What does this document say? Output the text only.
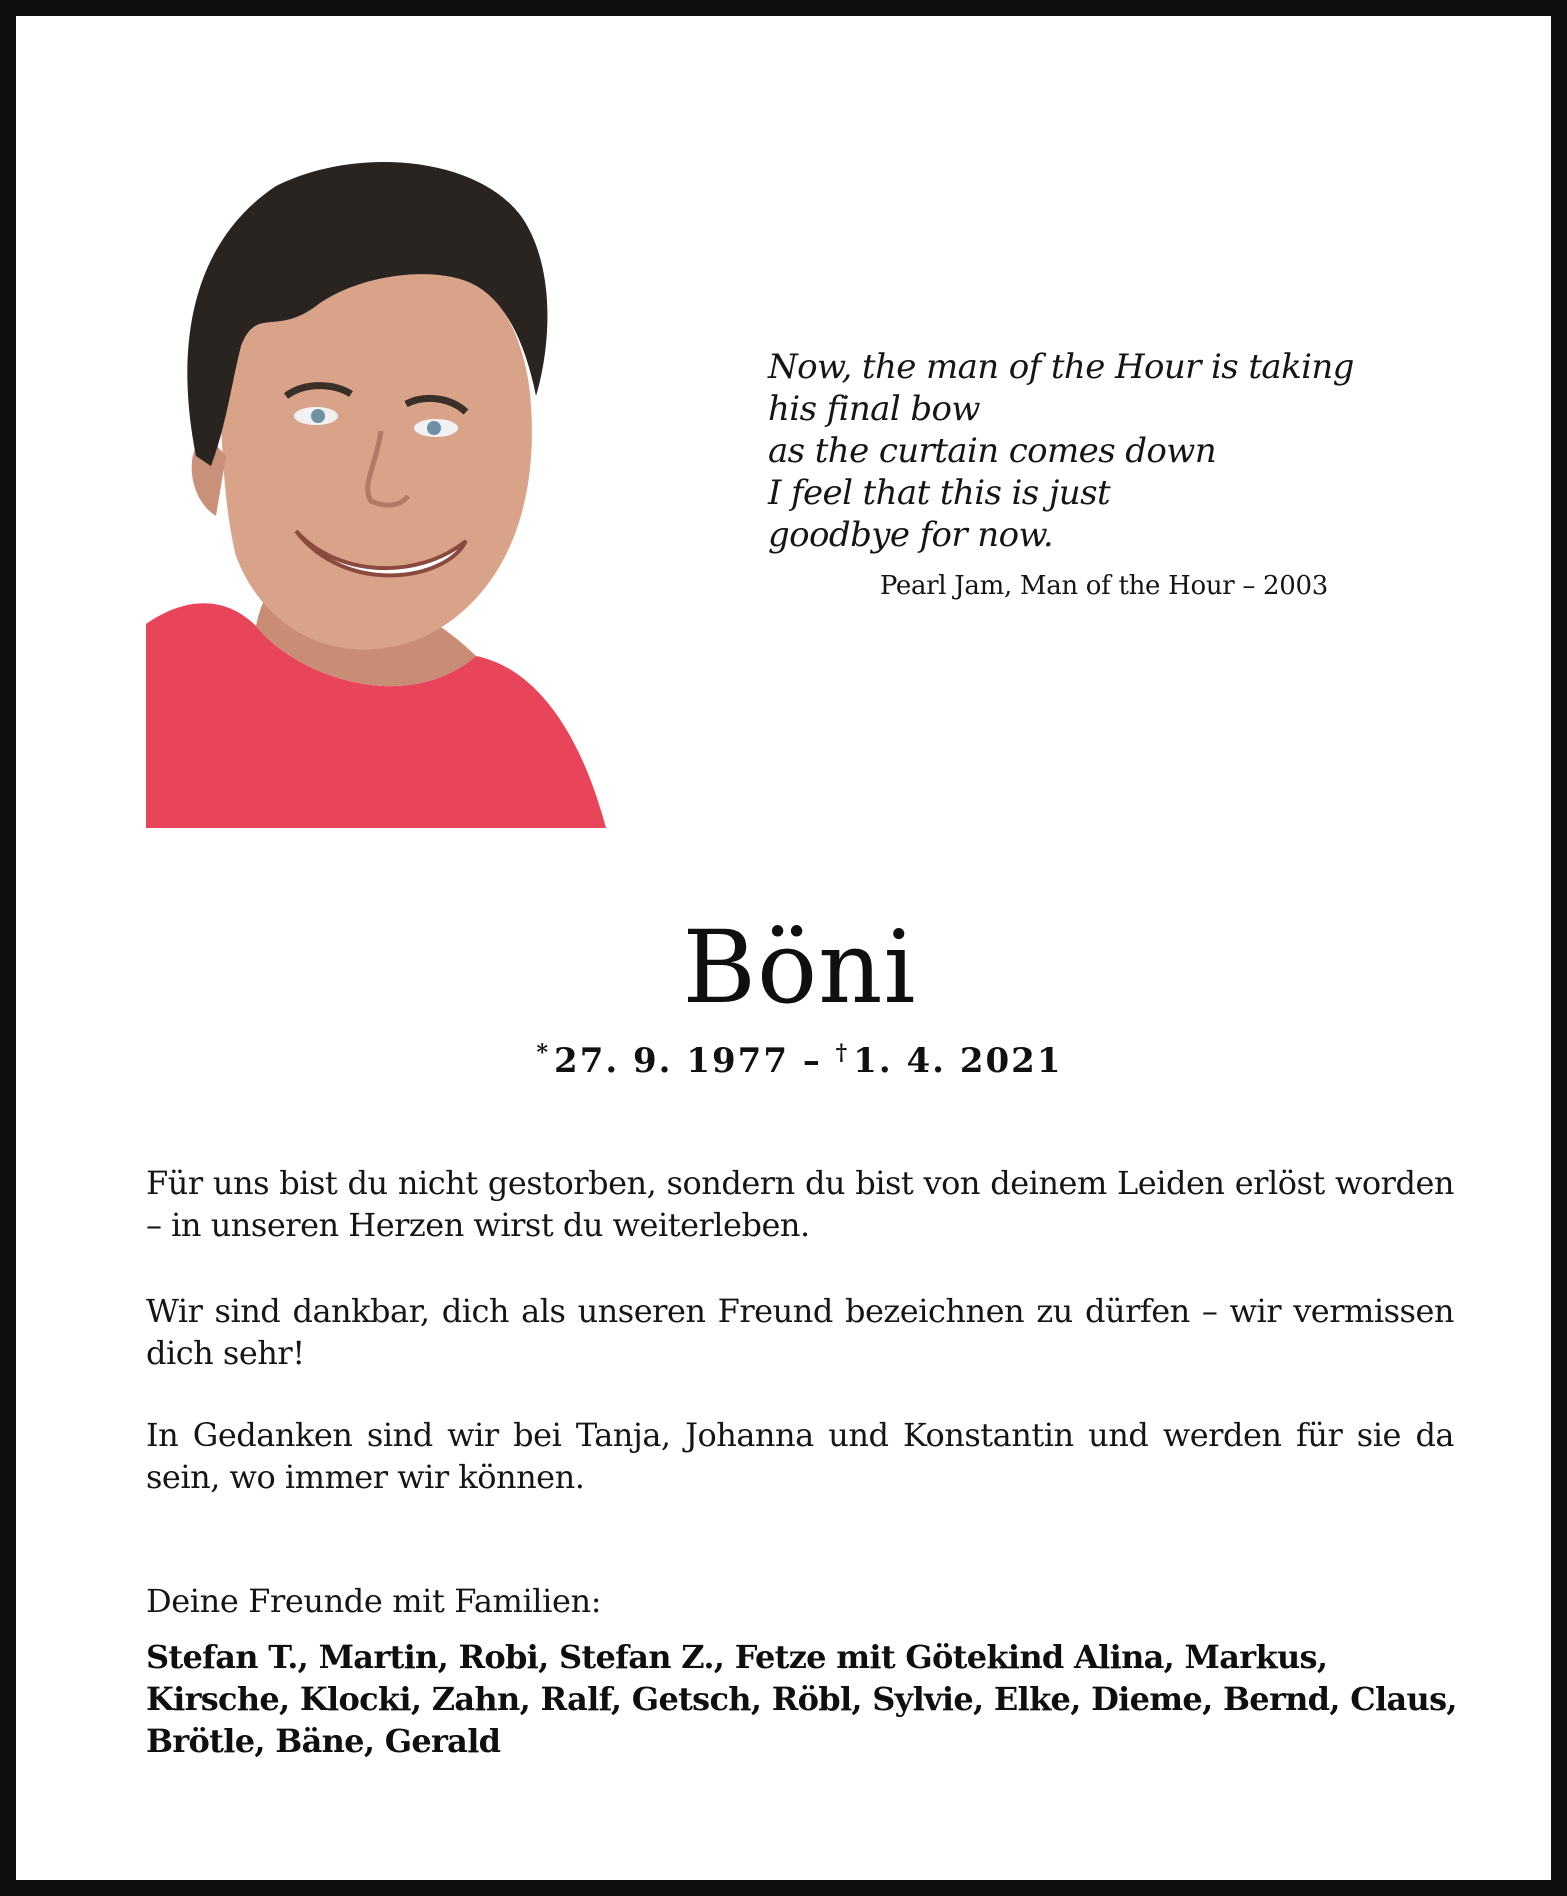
Now, the man of the Hour is taking
his final bow
as the curtain comes down
I feel that this is just
goodbye for now.
Pearl Jam, Man of the Hour – 2003
Böni
* 27. 9. 1977 – † 1. 4. 2021
Für uns bist du nicht gestorben, sondern du bist von deinem Leiden erlöst worden – in unseren Herzen wirst du weiterleben.
Wir sind dankbar, dich als unseren Freund bezeichnen zu dürfen – wir vermissen dich sehr!
In Gedanken sind wir bei Tanja, Johanna und Konstantin und werden für sie da sein, wo immer wir können.
Deine Freunde mit Familien:
Stefan T., Martin, Robi, Stefan Z., Fetze mit Götekind Alina, Markus, Kirsche, Klocki, Zahn, Ralf, Getsch, Röbl, Sylvie, Elke, Dieme, Bernd, Claus, Brötle, Bäne, Gerald
